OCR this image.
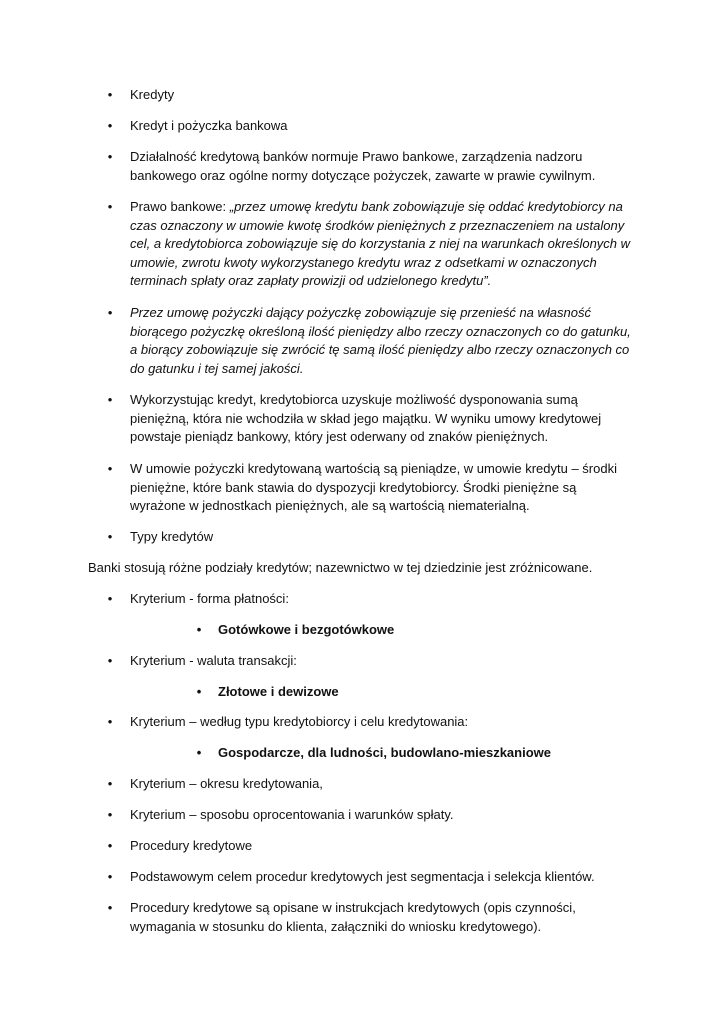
• Kredyty
• Kredyt i pożyczka bankowa
• Działalność kredytową banków normuje Prawo bankowe, zarządzenia nadzoru bankowego oraz ogólne normy dotyczące pożyczek, zawarte w prawie cywilnym.
• Prawo bankowe: „przez umowę kredytu bank zobowiązuje się oddać kredytobiorcy na czas oznaczony w umowie kwotę środków pieniężnych z przeznaczeniem na ustalony cel, a kredytobiorca zobowiązuje się do korzystania z niej na warunkach określonych w umowie, zwrotu kwoty wykorzystanego kredytu wraz z odsetkami w oznaczonych terminach spłaty oraz zapłaty prowizji od udzielonego kredytu”.
• Przez umowę pożyczki dający pożyczkę zobowiązuje się przenieść na własność biorącego pożyczkę określoną ilość pieniędzy albo rzeczy oznaczonych co do gatunku, a biorący zobowiązuje się zwrócić tę samą ilość pieniędzy albo rzeczy oznaczonych co do gatunku i tej samej jakości.
• Wykorzystując kredyt, kredytobiorca uzyskuje możliwość dysponowania sumą pieniężną, która nie wchodziła w skład jego majątku. W wyniku umowy kredytowej powstaje pieniądz bankowy, który jest oderwany od znaków pieniężnych.
• W umowie pożyczki kredytowaną wartością są pieniądze, w umowie kredytu – środki pieniężne, które bank stawia do dyspozycji kredytobiorcy. Środki pieniężne są wyrażone w jednostkach pieniężnych, ale są wartością niematerialną.
• Typy kredytów
Banki stosują różne podziały kredytów; nazewnictwo w tej dziedzinie jest zróżnicowane.
• Kryterium - forma płatności:
• Gotówkowe i bezgotówkowe
• Kryterium - waluta transakcji:
• Złotowe i dewizowe
• Kryterium – według typu kredytobiorcy i celu kredytowania:
• Gospodarcze, dla ludności, budowlano-mieszkaniowe
• Kryterium – okresu kredytowania,
• Kryterium – sposobu oprocentowania i warunków spłaty.
• Procedury kredytowe
• Podstawowym celem procedur kredytowych jest segmentacja i selekcja klientów.
• Procedury kredytowe są opisane w instrukcjach kredytowych (opis czynności, wymagania w stosunku do klienta, załączniki do wniosku kredytowego).
